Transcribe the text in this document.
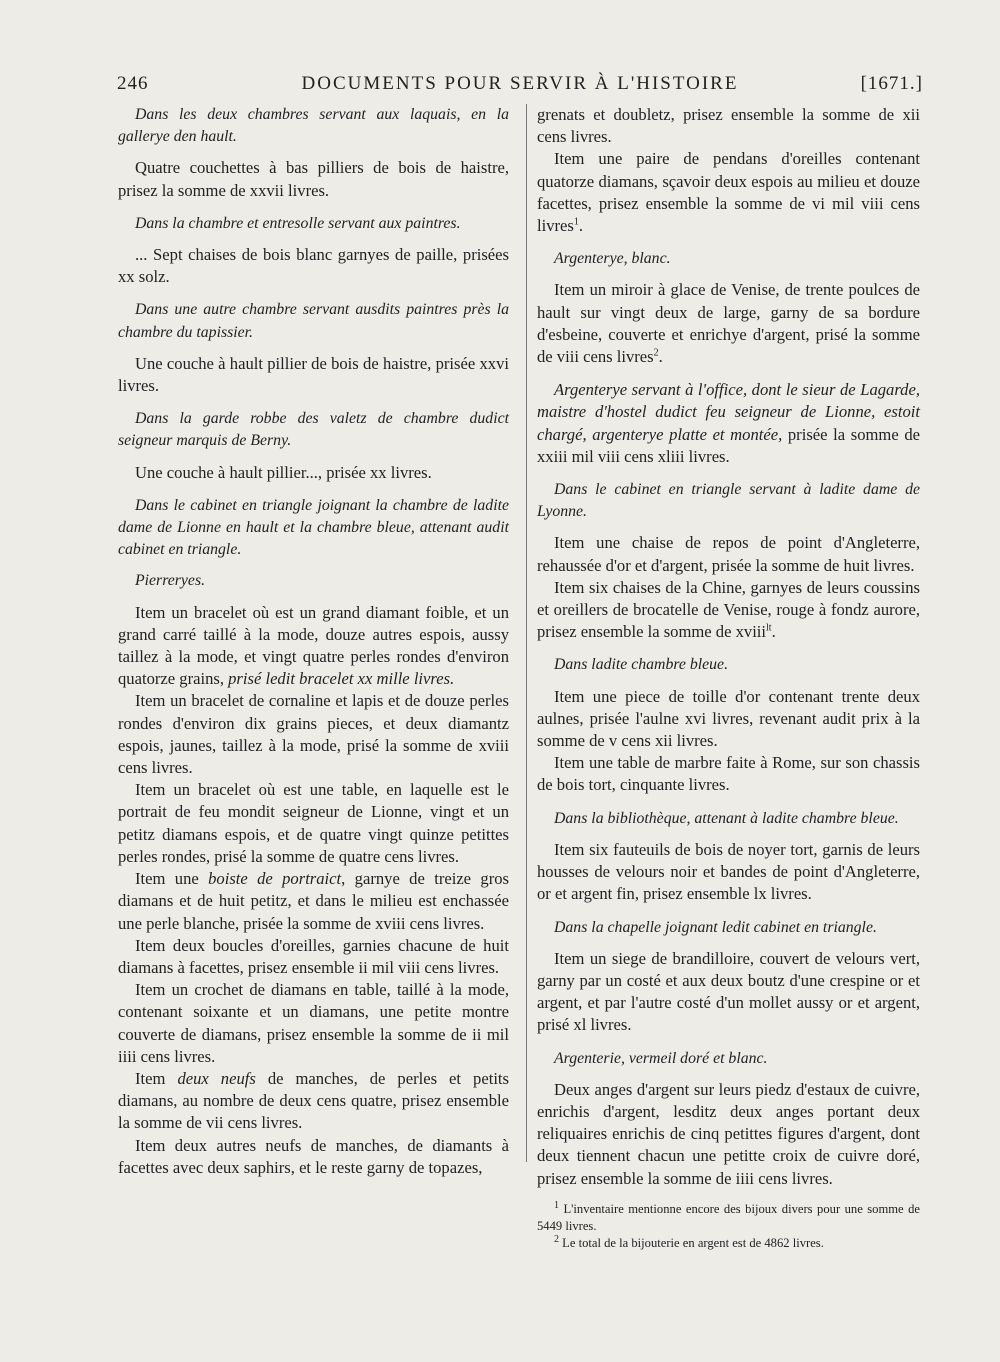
246	DOCUMENTS POUR SERVIR À L'HISTOIRE	[1671.]

Dans les deux chambres servant aux laquais, en la gallerye den hault.

Quatre couchettes à bas pilliers de bois de haistre, prisez la somme de xxvii livres.

Dans la chambre et entresolle servant aux paintres.

... Sept chaises de bois blanc garnyes de paille, prisées xx solz.

Dans une autre chambre servant ausdits paintres près la chambre du tapissier.

Une couche à hault pillier de bois de haistre, prisée xxvi livres.

Dans la garde robbe des valetz de chambre dudict seigneur marquis de Berny.

Une couche à hault pillier..., prisée xx livres.

Dans le cabinet en triangle joignant la chambre de ladite dame de Lionne en hault et la chambre bleue, attenant audit cabinet en triangle.

Pierreryes.

Item un bracelet où est un grand diamant foible, et un grand carré taillé à la mode, douze autres espois, aussy taillez à la mode, et vingt quatre perles rondes d'environ quatorze grains, prisé ledit bracelet xx mille livres.

Item un bracelet de cornaline et lapis et de douze perles rondes d'environ dix grains pieces, et deux diamantz espois, jaunes, taillez à la mode, prisé la somme de xviii cens livres.

Item un bracelet où est une table, en laquelle est le portrait de feu mondit seigneur de Lionne, vingt et un petitz diamans espois, et de quatre vingt quinze petittes perles rondes, prisé la somme de quatre cens livres.

Item une boiste de portraict, garnye de treize gros diamans et de huit petitz, et dans le milieu est enchassée une perle blanche, prisée la somme de xviii cens livres.

Item deux boucles d'oreilles, garnies chacune de huit diamans à facettes, prisez ensemble ii mil viii cens livres.

Item un crochet de diamans en table, taillé à la mode, contenant soixante et un diamans, une petite montre couverte de diamans, prisez ensemble la somme de ii mil iiii cens livres.

Item deux neufs de manches, de perles et petits diamans, au nombre de deux cens quatre, prisez ensemble la somme de vii cens livres.

Item deux autres neufs de manches, de diamants à facettes avec deux saphirs, et le reste garny de topazes,

grenats et doubletz, prisez ensemble la somme de xii cens livres.

Item une paire de pendans d'oreilles contenant quatorze diamans, sçavoir deux espois au milieu et douze facettes, prisez ensemble la somme de vi mil viii cens livres$^1$.

Argenterye, blanc.

Item un miroir à glace de Venise, de trente poulces de hault sur vingt deux de large, garny de sa bordure d'esbeine, couverte et enrichye d'argent, prisé la somme de viii cens livres$^2$.

Argenterye servant à l'office, dont le sieur de Lagarde, maistre d'hostel dudict feu seigneur de Lionne, estoit chargé, argenterye platte et montée, prisée la somme de xxiii mil viii cens xliii livres.

Dans le cabinet en triangle servant à ladite dame de Lyonne.

Item une chaise de repos de point d'Angleterre, rehaussée d'or et d'argent, prisée la somme de huit livres.

Item six chaises de la Chine, garnyes de leurs coussins et oreillers de brocatelle de Venise, rouge à fondz aurore, prisez ensemble la somme de xviii$^{lt}$.

Dans ladite chambre bleue.

Item une piece de toille d'or contenant trente deux aulnes, prisée l'aulne xvi livres, revenant audit prix à la somme de v cens xii livres.

Item une table de marbre faite à Rome, sur son chassis de bois tort, cinquante livres.

Dans la bibliothèque, attenant à ladite chambre bleue.

Item six fauteuils de bois de noyer tort, garnis de leurs housses de velours noir et bandes de point d'Angleterre, or et argent fin, prisez ensemble lx livres.

Dans la chapelle joignant ledit cabinet en triangle.

Item un siege de brandilloire, couvert de velours vert, garny par un costé et aux deux boutz d'une crespine or et argent, et par l'autre costé d'un mollet aussy or et argent, prisé xl livres.

Argenterie, vermeil doré et blanc.

Deux anges d'argent sur leurs piedz d'estaux de cuivre, enrichis d'argent, lesditz deux anges portant deux reliquaires enrichis de cinq petittes figures d'argent, dont deux tiennent chacun une petitte croix de cuivre doré, prisez ensemble la somme de iiii cens livres.

$^1$ L'inventaire mentionne encore des bijoux divers pour une somme de 5449 livres.

$^2$ Le total de la bijouterie en argent est de 4862 livres.
